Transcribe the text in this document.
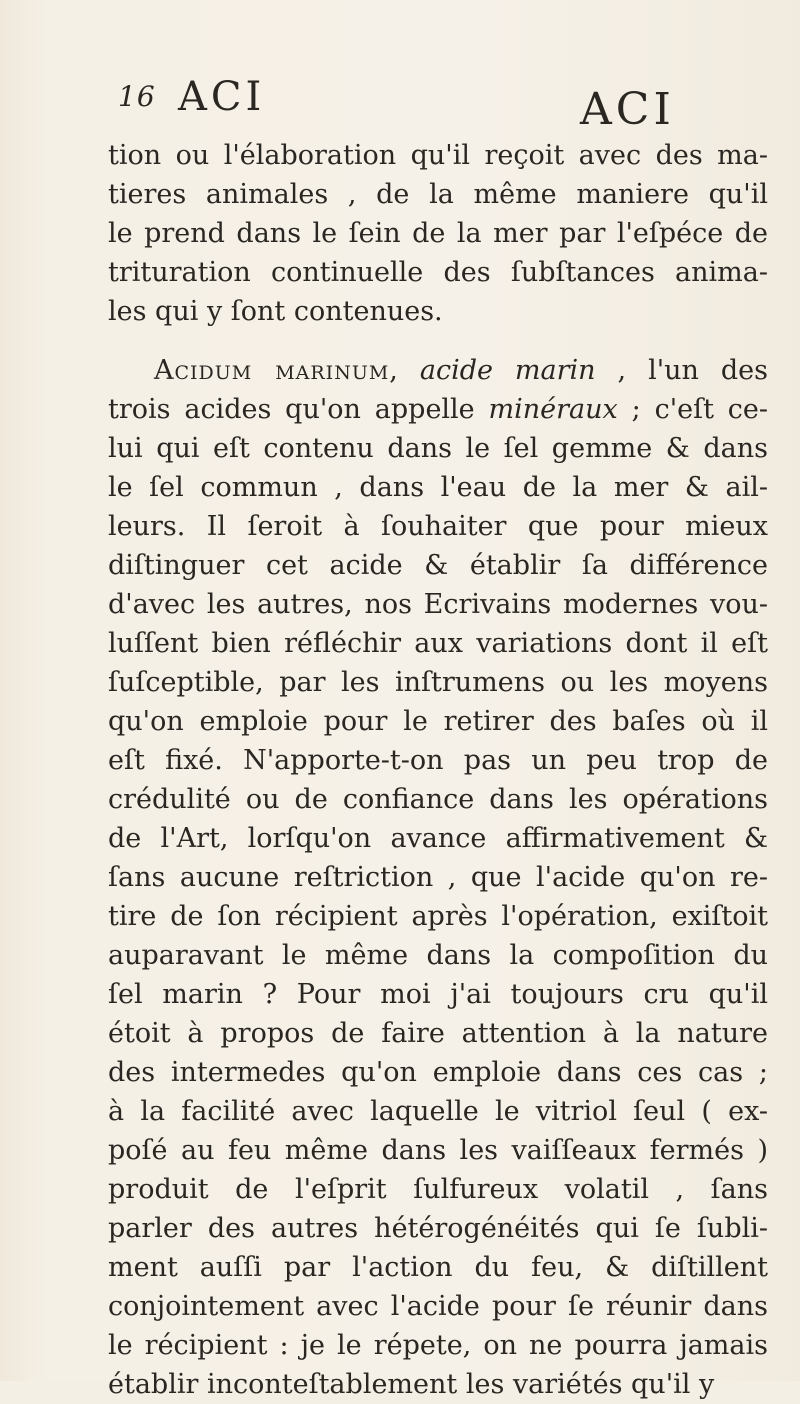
16 ACI	ACI
tion ou l'élaboration qu'il reçoit avec des ma-
tieres animales , de la même maniere qu'il
le prend dans le ſein de la mer par l'eſpéce de
trituration continuelle des ſubſtances anima-
les qui y ſont contenues.
Acidum marinum, acide marin , l'un des
trois acides qu'on appelle minéraux ; c'eſt ce-
lui qui eſt contenu dans le ſel gemme & dans
le ſel commun , dans l'eau de la mer & ail-
leurs. Il ſeroit à ſouhaiter que pour mieux
diſtinguer cet acide & établir ſa différence
d'avec les autres, nos Ecrivains modernes vou-
luſſent bien réfléchir aux variations dont il eſt
ſuſceptible, par les inſtrumens ou les moyens
qu'on emploie pour le retirer des baſes où il
eſt fixé. N'apporte-t-on pas un peu trop de
crédulité ou de confiance dans les opérations
de l'Art, lorſqu'on avance affirmativement &
ſans aucune reſtriction , que l'acide qu'on re-
tire de ſon récipient après l'opération, exiſtoit
auparavant le même dans la compoſition du
ſel marin ? Pour moi j'ai toujours cru qu'il
étoit à propos de faire attention à la nature
des intermedes qu'on emploie dans ces cas ;
à la facilité avec laquelle le vitriol ſeul ( ex-
poſé au feu même dans les vaiſſeaux fermés )
produit de l'eſprit ſulfureux volatil , ſans
parler des autres hétérogénéités qui ſe ſubli-
ment auſſi par l'action du feu, & diſtillent
conjointement avec l'acide pour ſe réunir dans
le récipient : je le répete, on ne pourra jamais
établir inconteſtablement les variétés qu'il y
